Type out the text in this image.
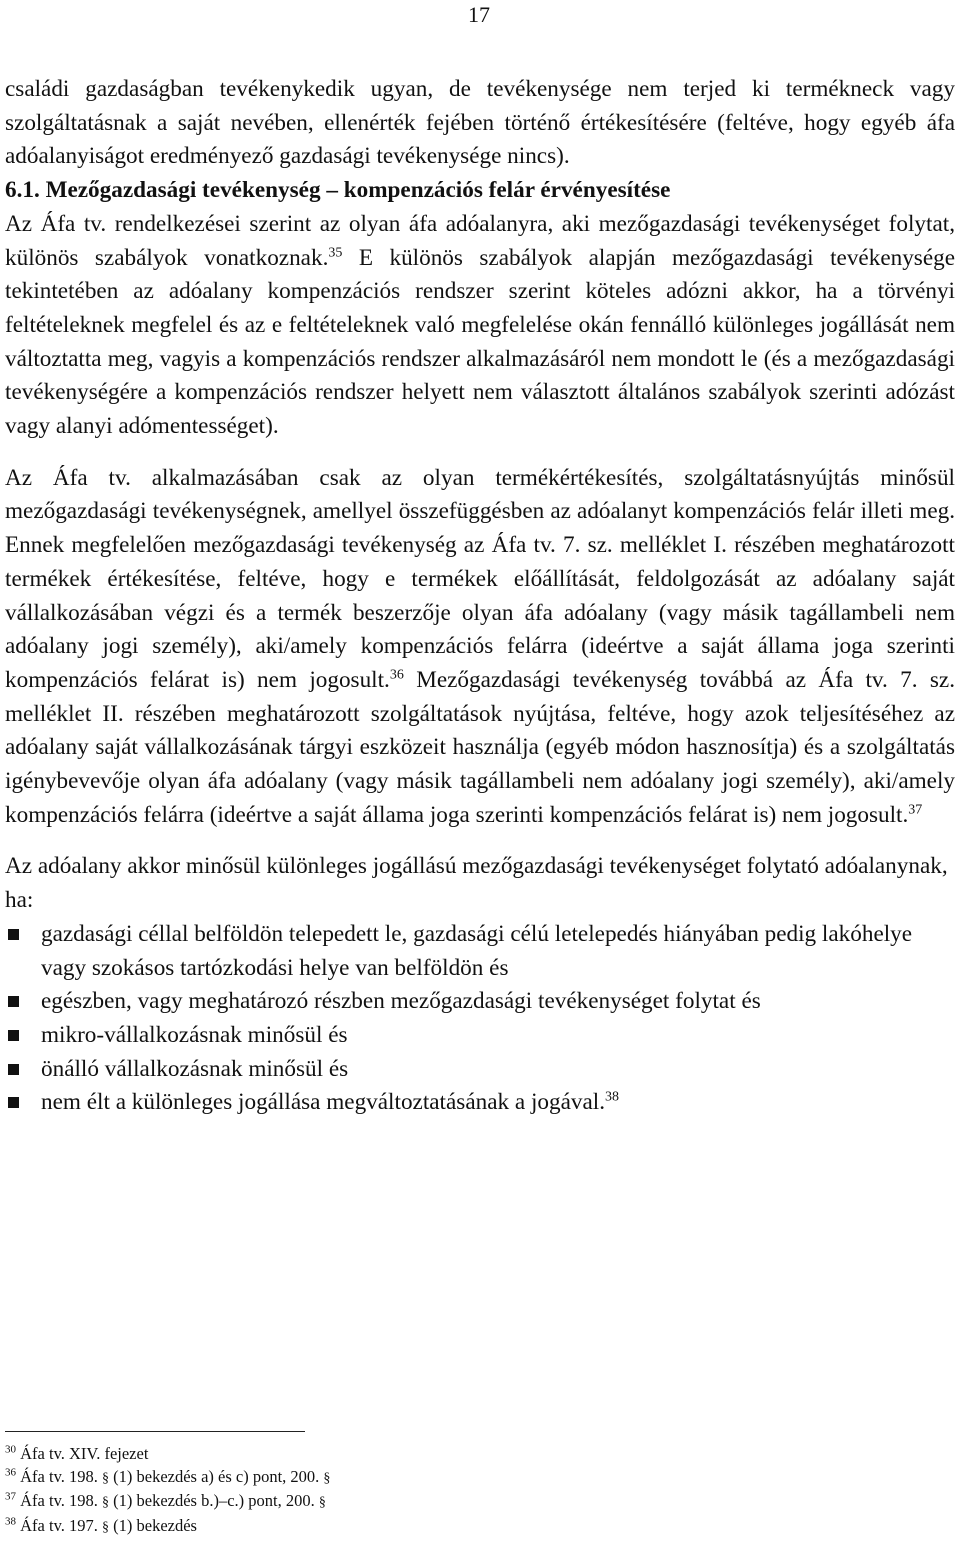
17

családi gazdaságban tevékenykedik ugyan, de tevékenysége nem terjed ki termékneck vagy szolgáltatásnak a saját nevében, ellenérték fejében történő értékesítésére (feltéve, hogy egyéb áfa adóalanyiságot eredményező gazdasági tevékenysége nincs).

6.1. Mezőgazdasági tevékenység – kompenzációs felár érvényesítése

Az Áfa tv. rendelkezései szerint az olyan áfa adóalanyra, aki mezőgazdasági tevékenységet folytat, különös szabályok vonatkoznak.$^{35}$ E különös szabályok alapján mezőgazdasági tevékenysége tekintetében az adóalany kompenzációs rendszer szerint köteles adózni akkor, ha a törvényi feltételeknek megfelel és az e feltételeknek való megfelelése okán fennálló különleges jogállását nem változtatta meg, vagyis a kompenzációs rendszer alkalmazásáról nem mondott le (és a mezőgazdasági tevékenységére a kompenzációs rendszer helyett nem választott általános szabályok szerinti adózást vagy alanyi adómentességet).

Az Áfa tv. alkalmazásában csak az olyan termékértékesítés, szolgáltatásnyújtás minősül mezőgazdasági tevékenységnek, amellyel összefüggésben az adóalanyt kompenzációs felár illeti meg. Ennek megfelelően mezőgazdasági tevékenység az Áfa tv. 7. sz. melléklet I. részében meghatározott termékek értékesítése, feltéve, hogy e termékek előállítását, feldolgozását az adóalany saját vállalkozásában végzi és a termék beszerzője olyan áfa adóalany (vagy másik tagállambeli nem adóalany jogi személy), aki/amely kompenzációs felárra (ideértve a saját állama joga szerinti kompenzációs felárat is) nem jogosult.$^{36}$ Mezőgazdasági tevékenység továbbá az Áfa tv. 7. sz. melléklet II. részében meghatározott szolgáltatások nyújtása, feltéve, hogy azok teljesítéséhez az adóalany saját vállalkozásának tárgyi eszközeit használja (egyéb módon hasznosítja) és a szolgáltatás igénybevevője olyan áfa adóalany (vagy másik tagállambeli nem adóalany jogi személy), aki/amely kompenzációs felárra (ideértve a saját állama joga szerinti kompenzációs felárat is) nem jogosult.$^{37}$

Az adóalany akkor minősül különleges jogállású mezőgazdasági tevékenységet folytató adóalanynak, ha:

gazdasági céllal belföldön telepedett le, gazdasági célú letelepedés hiányában pedig lakóhelye vagy szokásos tartózkodási helye van belföldön és
egészben, vagy meghatározó részben mezőgazdasági tevékenységet folytat és
mikro-vállalkozásnak minősül és
önálló vállalkozásnak minősül és
nem élt a különleges jogállása megváltoztatásának a jogával.$^{38}$
$^{30}$ Áfa tv. XIV. fejezet
$^{36}$ Áfa tv. 198. § (1) bekezdés a) és c) pont, 200. §
$^{37}$ Áfa tv. 198. § (1) bekezdés b.)–c.) pont, 200. §
$^{38}$ Áfa tv. 197. § (1) bekezdés
